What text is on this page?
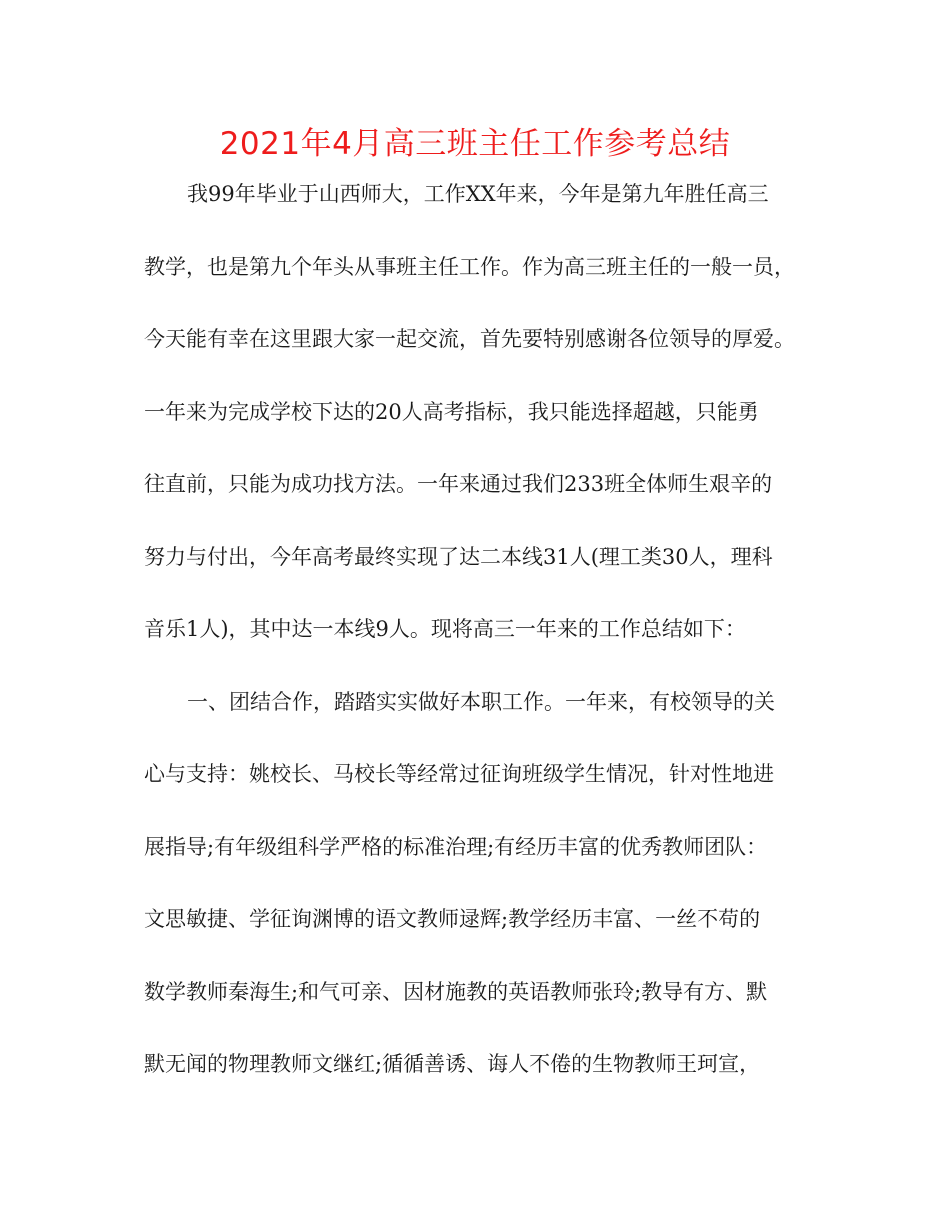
2021年4月高三班主任工作参考总结
我99年毕业于山西师大，工作XX年来，今年是第九年胜任高三
教学，也是第九个年头从事班主任工作。作为高三班主任的一般一员，
今天能有幸在这里跟大家一起交流，首先要特别感谢各位领导的厚爱。
一年来为完成学校下达的20人高考指标，我只能选择超越，只能勇
往直前，只能为成功找方法。一年来通过我们233班全体师生艰辛的
努力与付出，今年高考最终实现了达二本线31人(理工类30人，理科
音乐1人)，其中达一本线9人。现将高三一年来的工作总结如下：
一、团结合作，踏踏实实做好本职工作。一年来，有校领导的关
心与支持：姚校长、马校长等经常过征询班级学生情况，针对性地进
展指导;有年级组科学严格的标准治理;有经历丰富的优秀教师团队：
文思敏捷、学征询渊博的语文教师逯辉;教学经历丰富、一丝不苟的
数学教师秦海生;和气可亲、因材施教的英语教师张玲;教导有方、默
默无闻的物理教师文继红;循循善诱、诲人不倦的生物教师王珂宣，
